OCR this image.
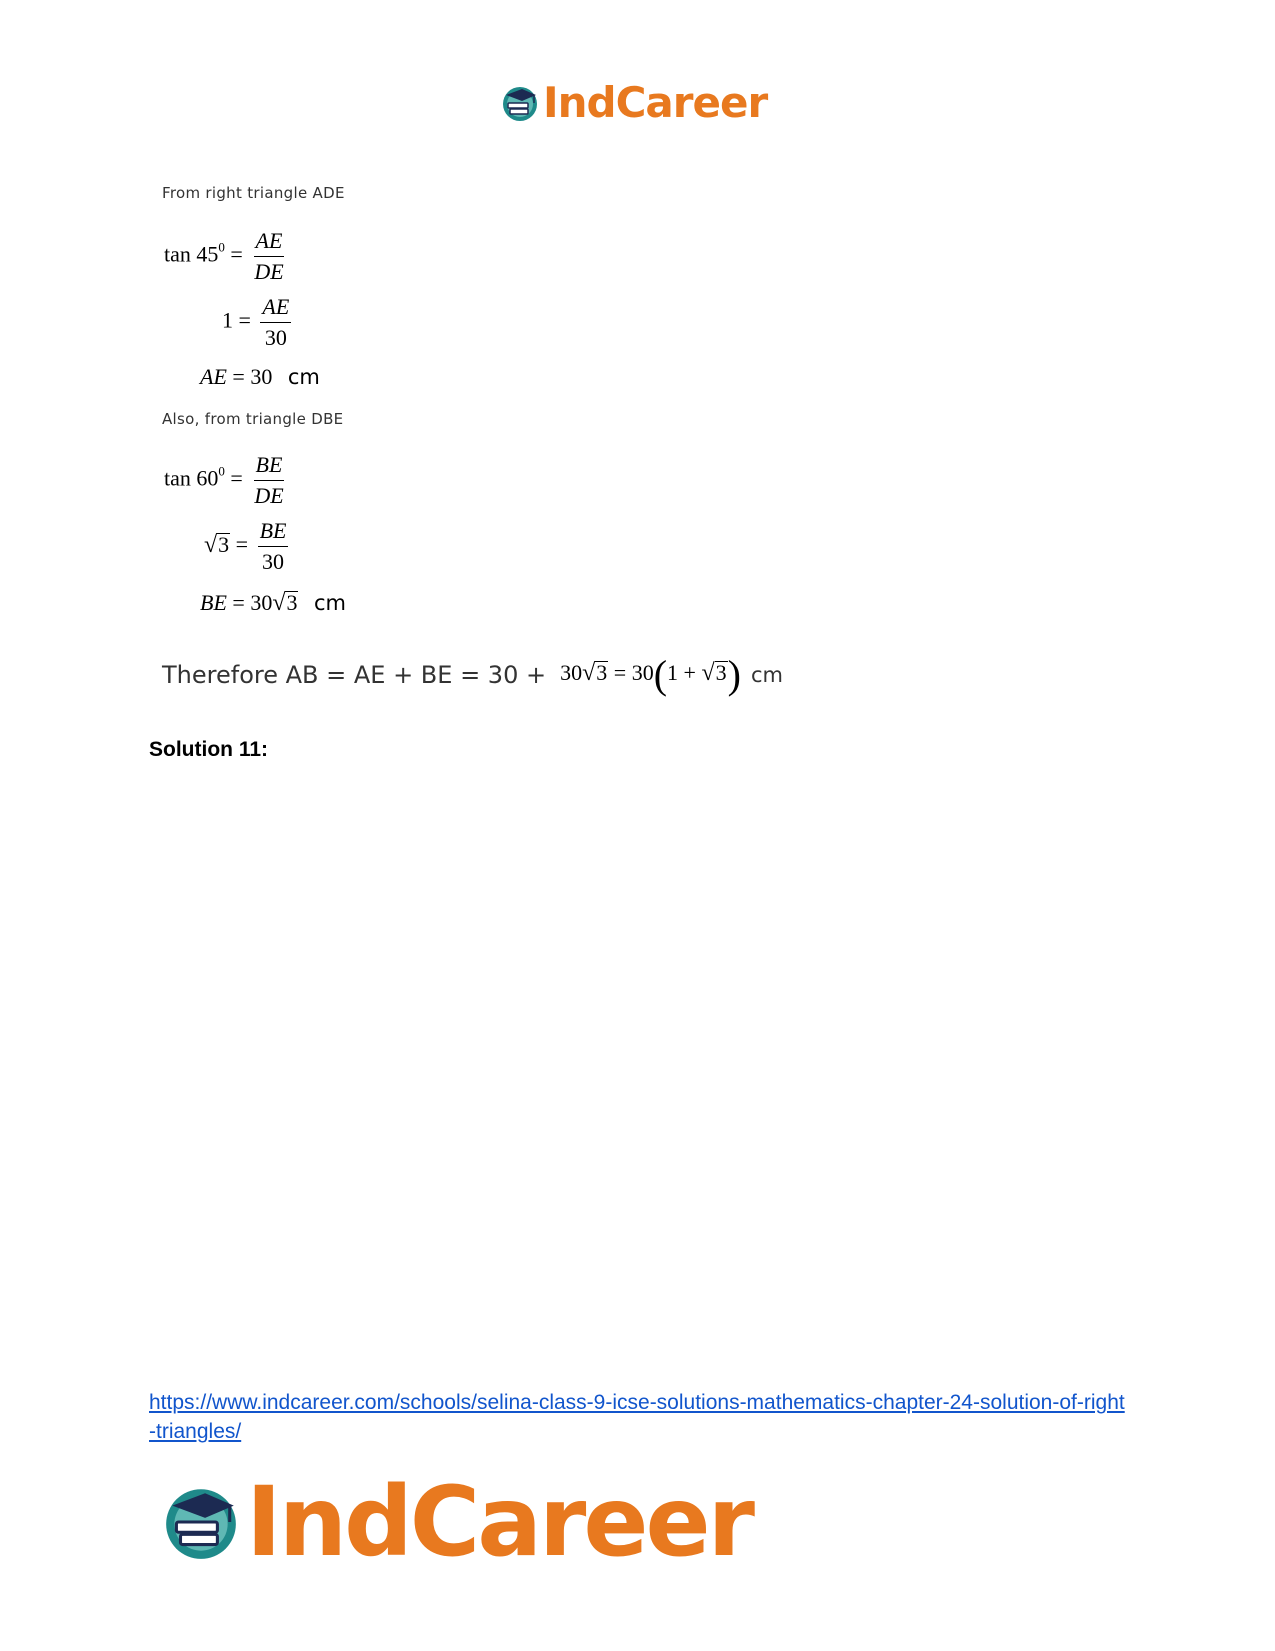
IndCareer
From right triangle ADE
$\tan 45^0 = \frac{AE}{DE}$
$1 = \frac{AE}{30}$
AE = 30 cm
Also, from triangle DBE
$\tan 60^0 = \frac{BE}{DE}$
√ $3 = \frac{BE}{30}$
BE = 30 √ 3 cm
Therefore AB = AE + BE = 30 + 30 √ 3 = 30(1 + √ 3 ) cm
Solution 11:
https://www.indcareer.com/schools/selina-class-9-icse-solutions-mathematics-chapter-24-solution-of-right-triangles/
IndCareer
